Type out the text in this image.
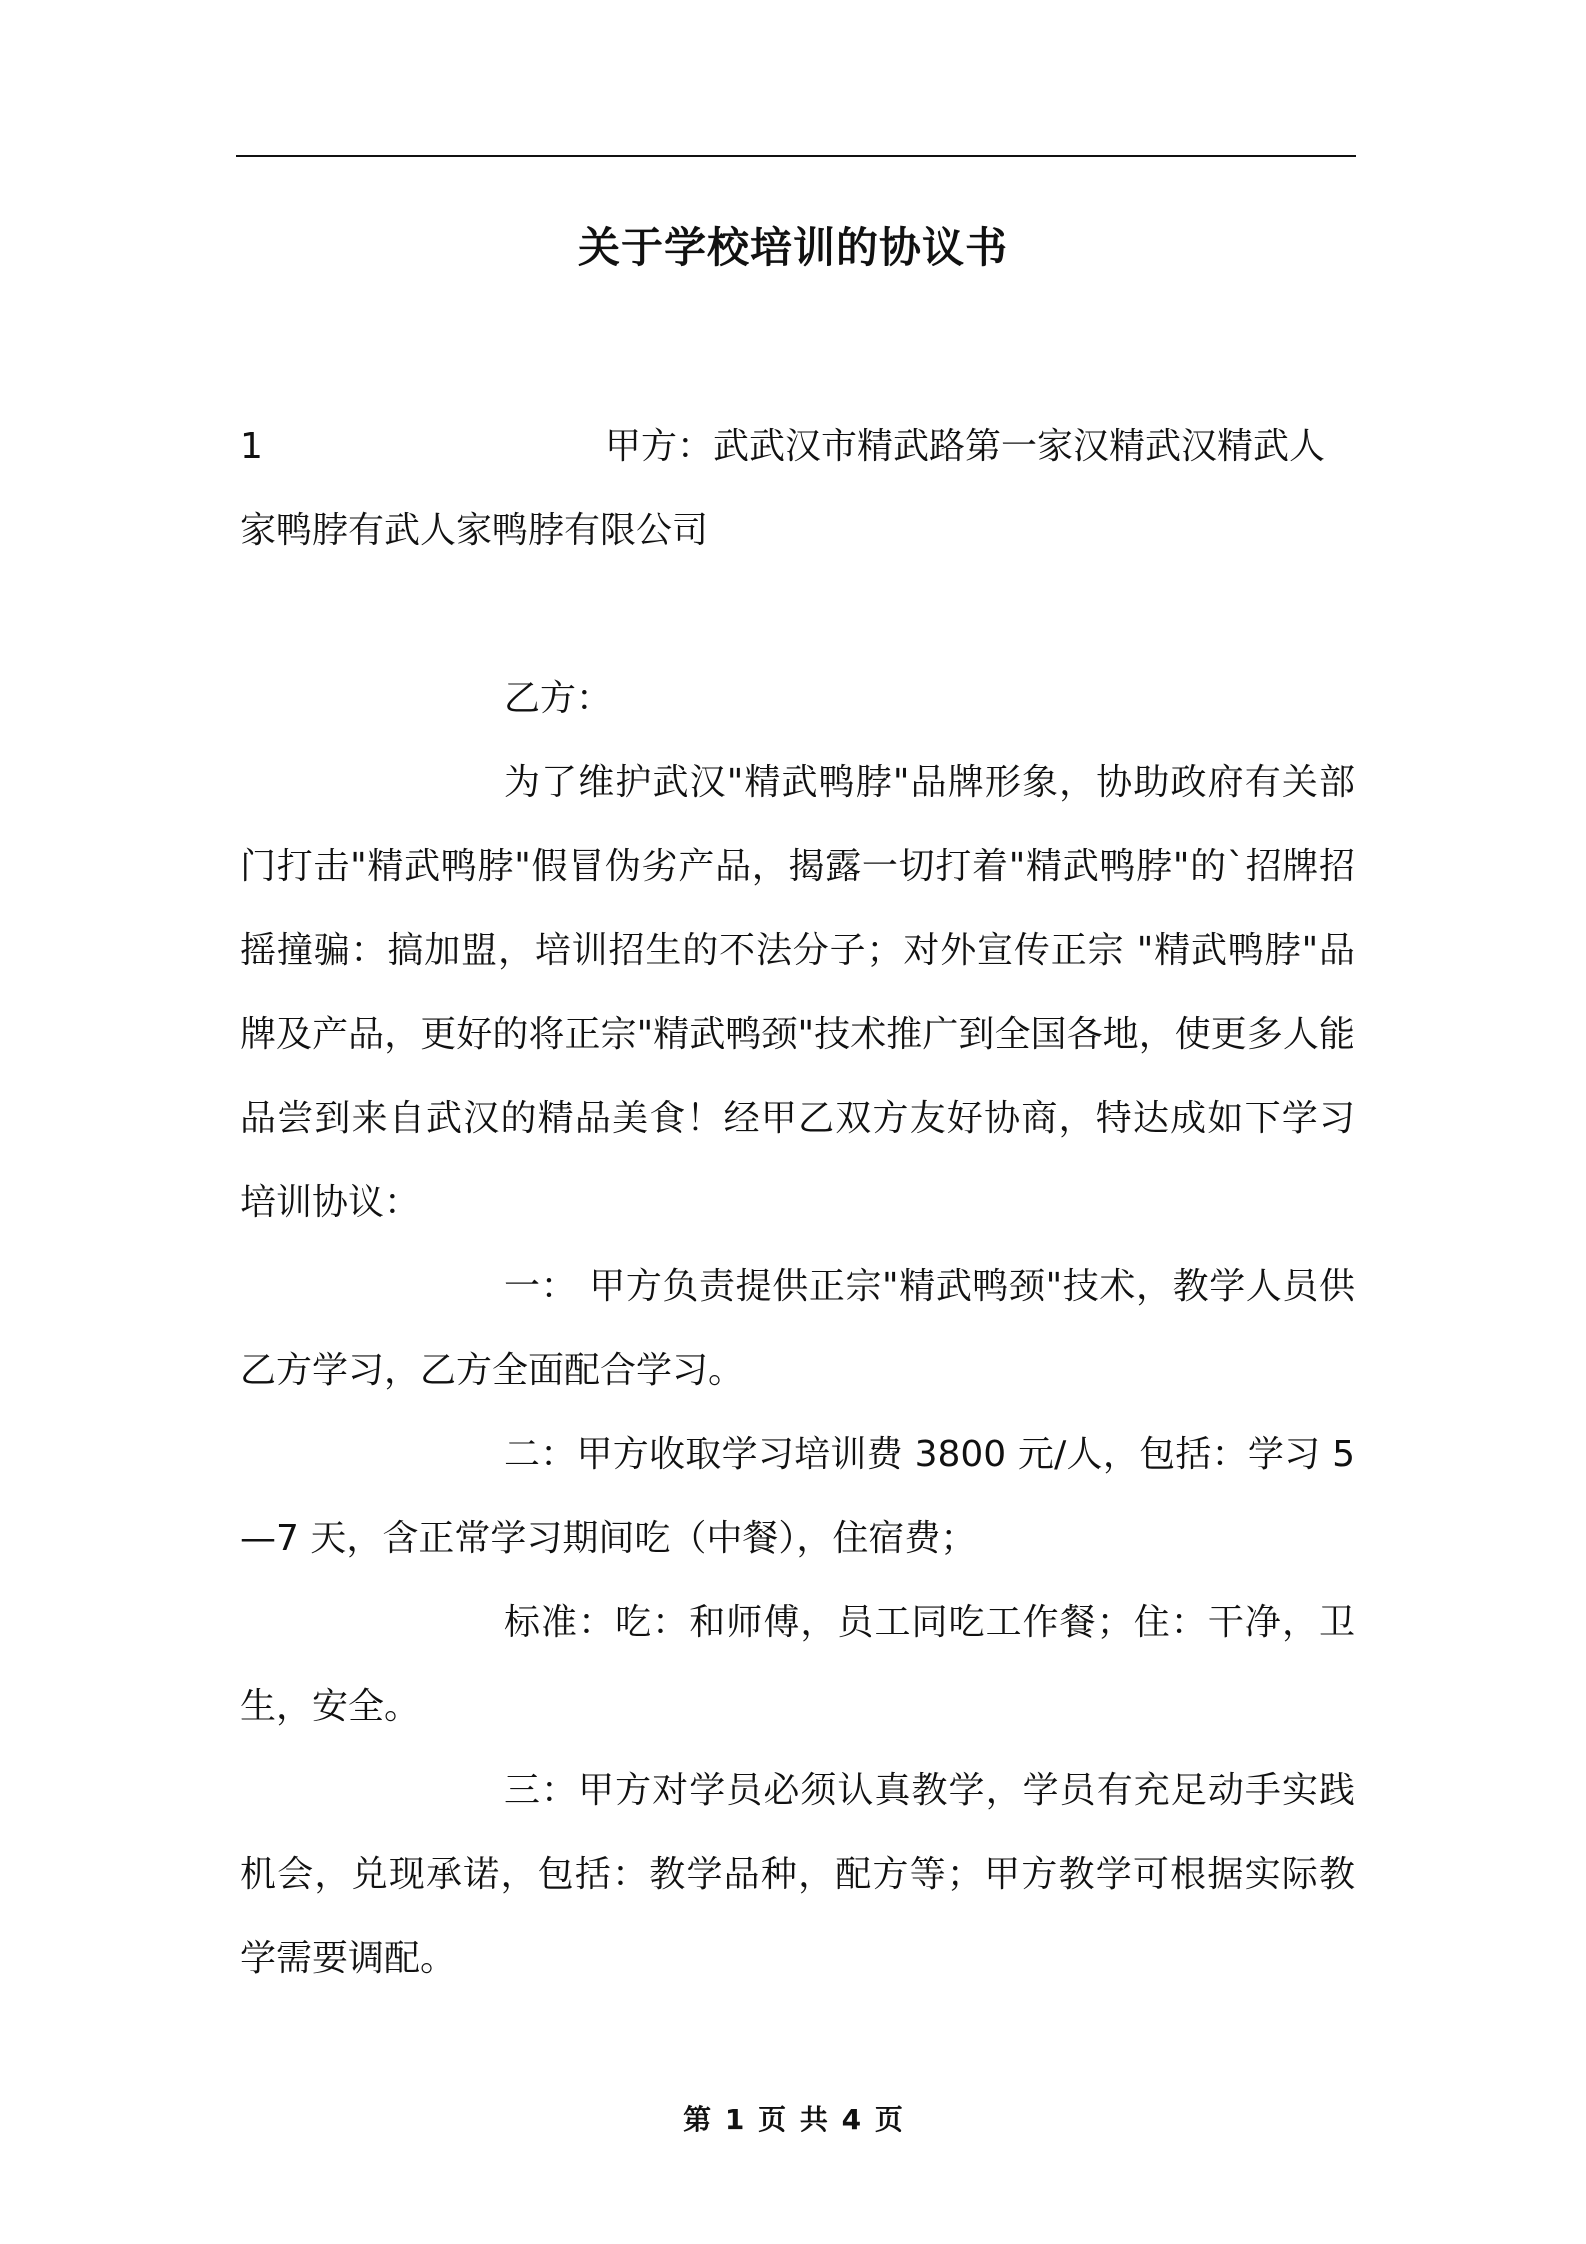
关于学校培训的协议书
1	甲方：武武汉市精武路第一家汉精武汉精武人

家鸭脖有武人家鸭脖有限公司

乙方：

为了维护武汉"精武鸭脖"品牌形象，协助政府有关部门打击"精武鸭脖"假冒伪劣产品，揭露一切打着"精武鸭脖"的`招牌招摇撞骗：搞加盟，培训招生的不法分子；对外宣传正宗 "精武鸭脖"品牌及产品，更好的将正宗"精武鸭颈"技术推广到全国各地，使更多人能品尝到来自武汉的精品美食！经甲乙双方友好协商，特达成如下学习培训协议：

一： 甲方负责提供正宗"精武鸭颈"技术，教学人员供乙方学习，乙方全面配合学习。

二：甲方收取学习培训费 3800 元/人，包括：学习 5—7 天，含正常学习期间吃（中餐），住宿费；

标准：吃：和师傅，员工同吃工作餐；住：干净，卫生，安全。

三：甲方对学员必须认真教学，学员有充足动手实践机会，兑现承诺，包括：教学品种，配方等；甲方教学可根据实际教学需要调配。

第 1 页 共 4 页
